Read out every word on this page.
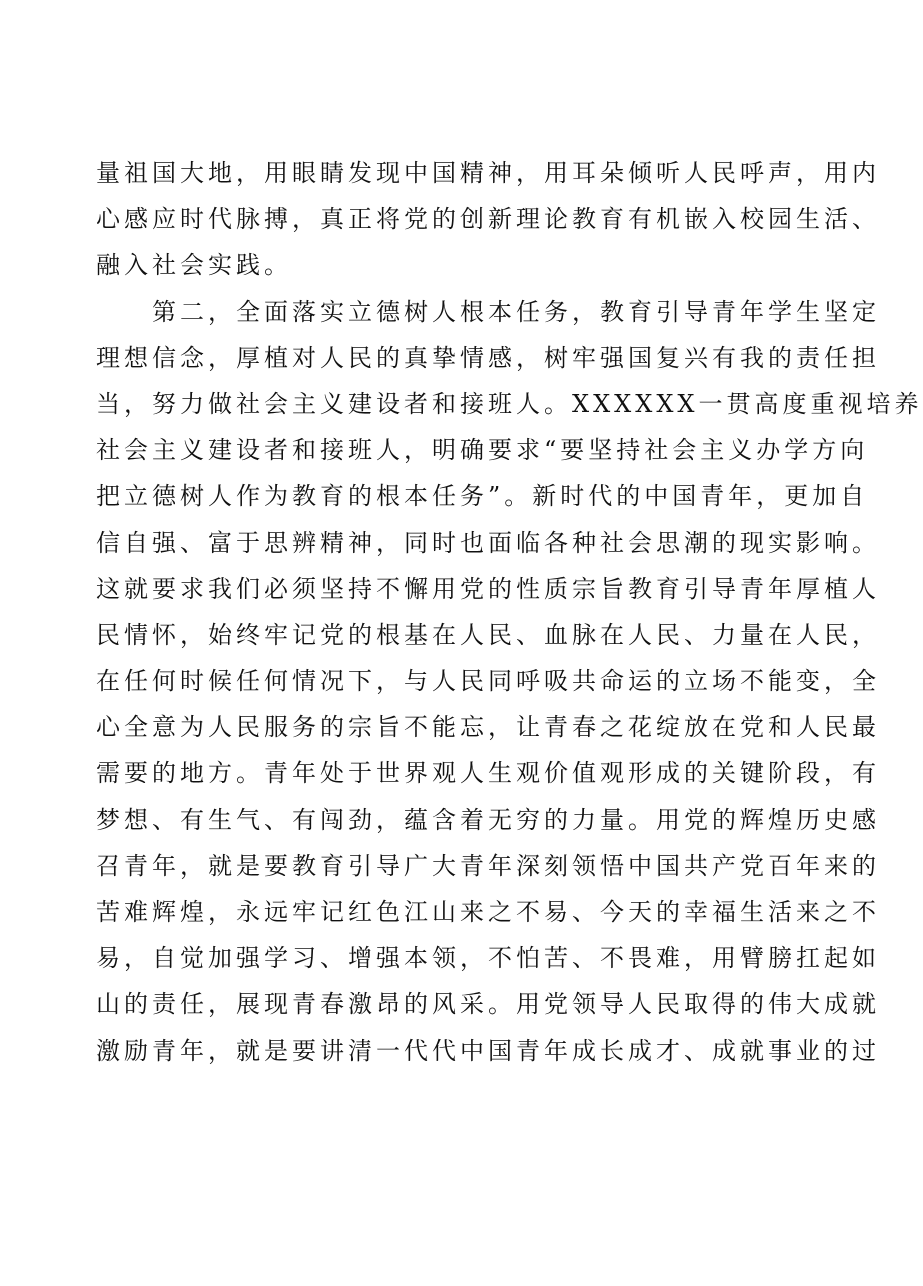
量祖国大地，用眼睛发现中国精神，用耳朵倾听人民呼声，用内
心感应时代脉搏，真正将党的创新理论教育有机嵌入校园生活、
融入社会实践。
第二，全面落实立德树人根本任务，教育引导青年学生坚定
理想信念，厚植对人民的真挚情感，树牢强国复兴有我的责任担
当，努力做社会主义建设者和接班人。XXXXXX一贯高度重视培养
社会主义建设者和接班人，明确要求“要坚持社会主义办学方向
把立德树人作为教育的根本任务”。新时代的中国青年，更加自
信自强、富于思辨精神，同时也面临各种社会思潮的现实影响。
这就要求我们必须坚持不懈用党的性质宗旨教育引导青年厚植人
民情怀，始终牢记党的根基在人民、血脉在人民、力量在人民，
在任何时候任何情况下，与人民同呼吸共命运的立场不能变，全
心全意为人民服务的宗旨不能忘，让青春之花绽放在党和人民最
需要的地方。青年处于世界观人生观价值观形成的关键阶段，有
梦想、有生气、有闯劲，蕴含着无穷的力量。用党的辉煌历史感
召青年，就是要教育引导广大青年深刻领悟中国共产党百年来的
苦难辉煌，永远牢记红色江山来之不易、今天的幸福生活来之不
易，自觉加强学习、增强本领，不怕苦、不畏难，用臂膀扛起如
山的责任，展现青春激昂的风采。用党领导人民取得的伟大成就
激励青年，就是要讲清一代代中国青年成长成才、成就事业的过
